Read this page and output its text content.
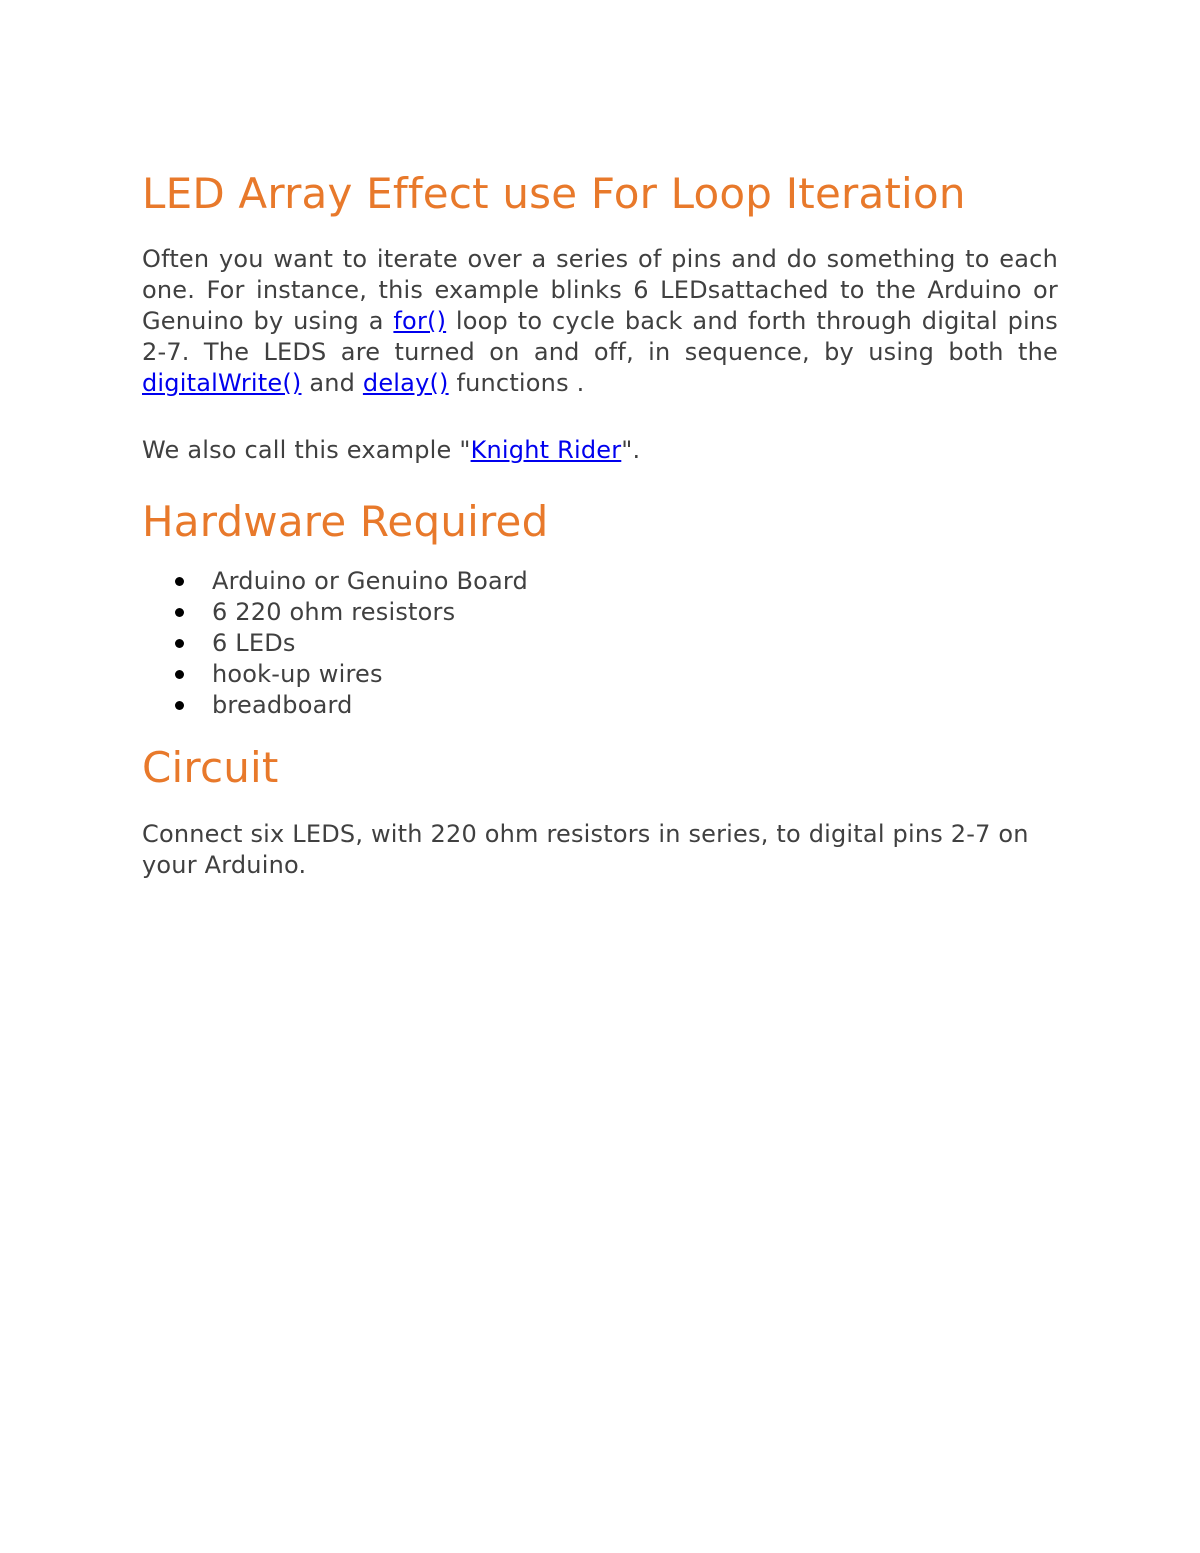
LED Array Effect use For Loop Iteration

Often you want to iterate over a series of pins and do something to each one. For instance, this example blinks 6 LEDsattached to the Arduino or Genuino by using a for() loop to cycle back and forth through digital pins 2-7. The LEDS are turned on and off, in sequence, by using both the digitalWrite() and delay() functions .

We also call this example "Knight Rider".

Hardware Required
Arduino or Genuino Board
6 220 ohm resistors
6 LEDs
hook-up wires
breadboard
Circuit

Connect six LEDS, with 220 ohm resistors in series, to digital pins 2-7 on your Arduino.
